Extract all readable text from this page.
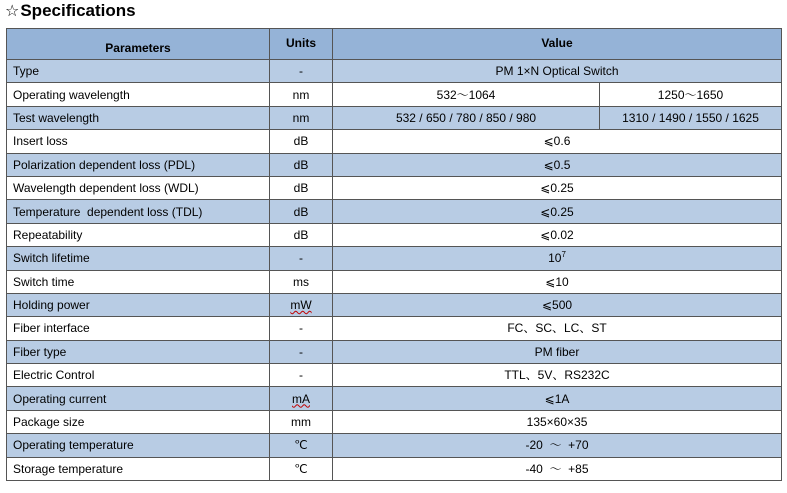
☆Specifications
Parameters	Units	Value	
Type	-	PM 1×N Optical Switch	
Operating wavelength	nm	532～1064	1250～1650
Test wavelength	nm	532 / 650 / 780 / 850 / 980	1310 / 1490 / 1550 / 1625
Insert loss	dB	⩽0.6	
Polarization dependent loss (PDL)	dB	⩽0.5	
Wavelength dependent loss (WDL)	dB	⩽0.25	
Temperature  dependent loss (TDL)	dB	⩽0.25	
Repeatability	dB	⩽0.02	
Switch lifetime	-	$10^7$
Switch time	ms	⩽10	
Holding power	mW	⩽500	
Fiber interface	-	FC、SC、LC、ST	
Fiber type	-	PM fiber	
Electric Control	-	TTL、5V、RS232C	
Operating current	mA	⩽1A	
Package size	mm	135×60×35	
Operating temperature	℃	-20  ～  +70	
Storage temperature	℃	-40  ～  +85	
